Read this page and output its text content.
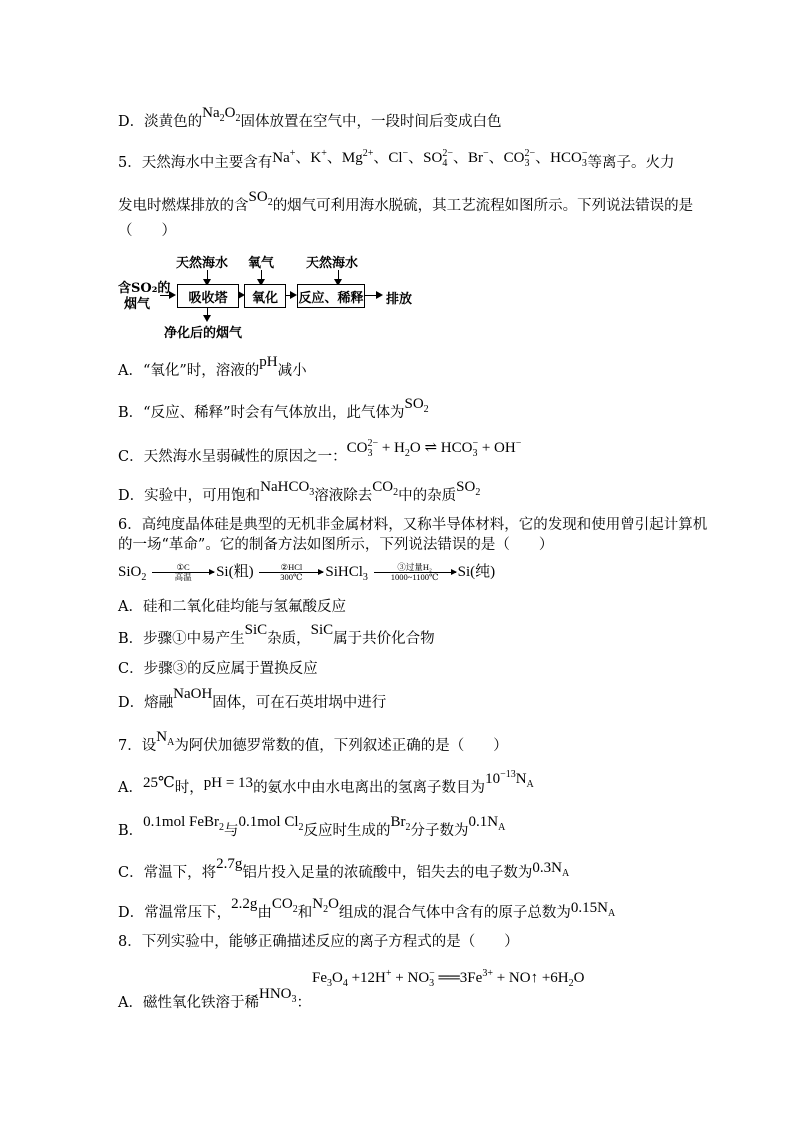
D．淡黄色的$Na_2O_2$固体放置在空气中，一段时间后变成白色
5．天然海水中主要含有Na+、K+、$Mg^{2+}$、Cl−、$SO_4^{2-}$、Br−、$CO_3^{2-}$、$HCO_3^-$等离子。火力
发电时燃煤排放的含$SO_2$的烟气可利用海水脱硫，其工艺流程如图所示。下列说法错误的是
（　　）
含SO₂的
烟气
天然海水 氧气 天然海水
吸收塔	氧化	反应、稀释 排放
净化后的烟气
A．“氧化”时，溶液的pH减小
B．“反应、稀释”时会有气体放出，此气体为$SO_2$
C．天然海水呈弱碱性的原因之一：$CO_3^{2-} + H_2O$ ⇌ $HCO_3^- + OH^-$
D．实验中，可用饱和NaHCO$_3$溶液除去$CO_2$中的杂质$SO_2$
6．高纯度晶体硅是典型的无机非金属材料，又称半导体材料，它的发现和使用曾引起计算机
的一场“革命”。它的制备方法如图所示，下列说法错误的是（　　）
SiO$_2$
①C
高温	Si(粗)	②HCl
300℃	SiHCl$_3$
③过量H₂
1000~1100℃	Si(纯)
A．硅和二氧化硅均能与氢氟酸反应
B．步骤①中易产生SiC杂质，SiC属于共价化合物
C．步骤③的反应属于置换反应
D．熔融NaOH固体，可在石英坩埚中进行
7．设$N_A$为阿伏加德罗常数的值，下列叙述正确的是（　　）
A．25℃时，pH = 13的氨水中由水电离出的氢离子数目为$10^{-13}N_A$
B．0.1mol FeBr$_2$与0.1mol $Cl_2$反应时生成的$Br_2$分子数为$0.1N_A$
C．常温下，将2.7g铝片投入足量的浓硫酸中，铝失去的电子数为$0.3N_A$
D．常温常压下，2.2g由$CO_2$和$N_2O$组成的混合气体中含有的原子总数为$0.15N_A$
8．下列实验中，能够正确描述反应的离子方程式的是（　　）
$Fe_3O_4 +12H^+ + NO_3^-$ $══3Fe^{3+}$ + NO↑ $+6H_2O$
A．磁性氧化铁溶于稀$HNO_3$：
